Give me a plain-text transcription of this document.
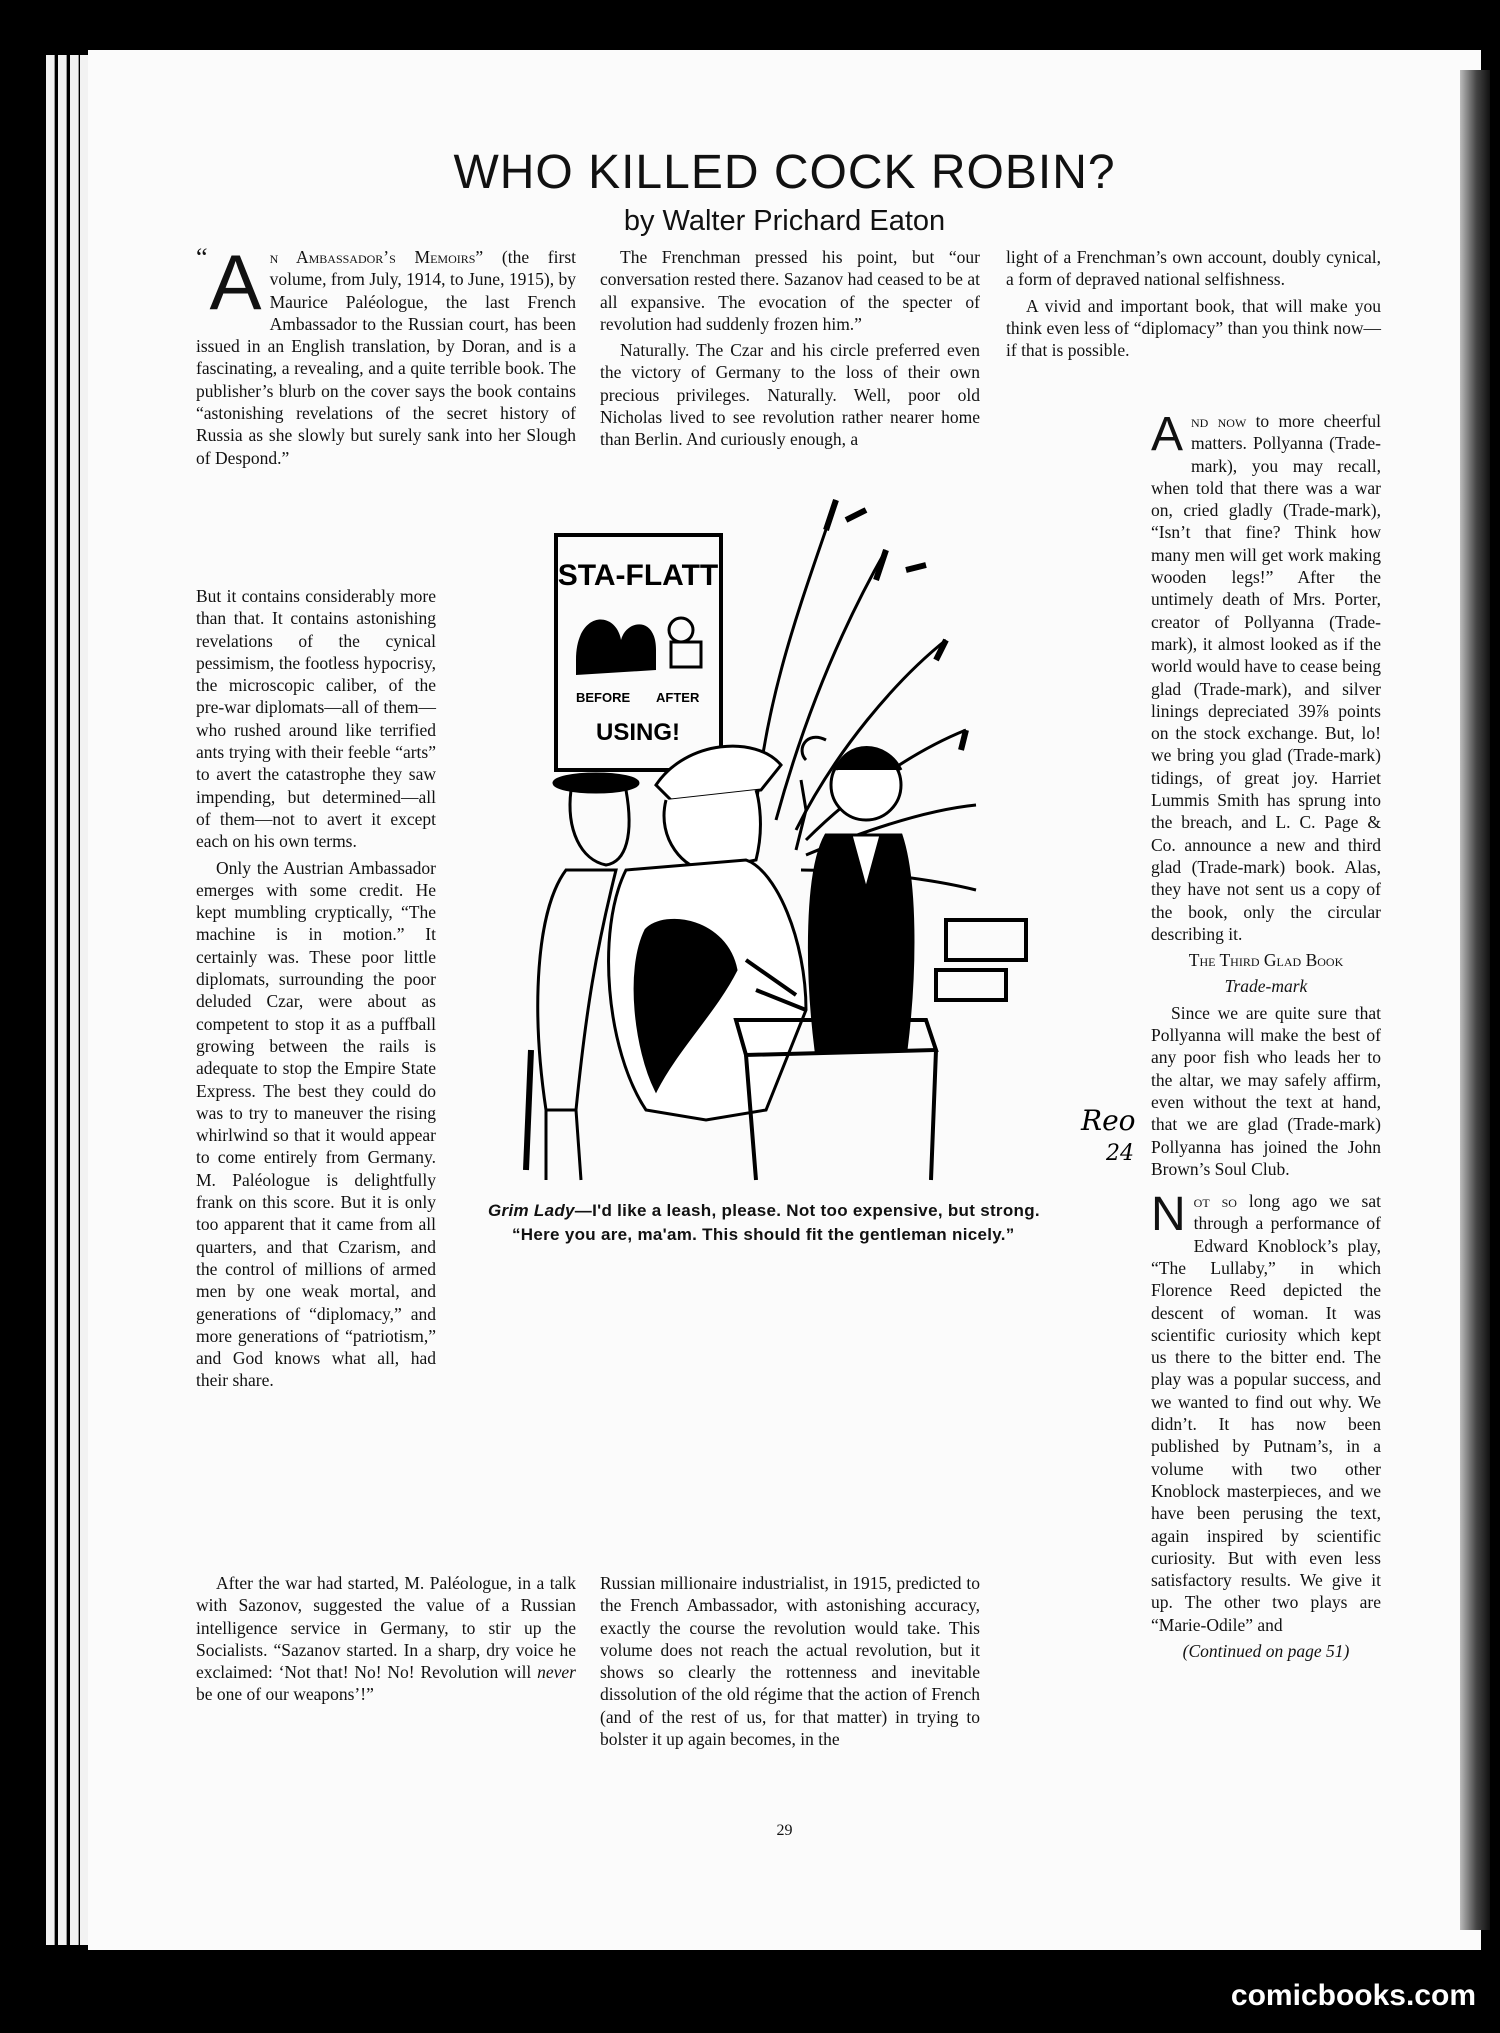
WHO KILLED COCK ROBIN?
by Walter Prichard Eaton

“ A n Ambassador’s Memoirs” (the first volume, from July, 1914, to June, 1915), by Maurice Paléologue, the last French Ambassador to the Russian court, has been issued in an English translation, by Doran, and is a fascinating, a revealing, and a quite terrible book. The publisher’s blurb on the cover says the book contains “astonishing revelations of the secret history of Russia as she slowly but surely sank into her Slough of Despond.”

But it contains considerably more than that. It contains astonishing revelations of the cynical pessimism, the footless hypocrisy, the microscopic caliber, of the pre-war diplomats—all of them—who rushed around like terrified ants trying with their feeble “arts” to avert the catastrophe they saw impending, but determined—all of them—not to avert it except each on his own terms.

Only the Austrian Ambassador emerges with some credit. He kept mumbling cryptically, “The machine is in motion.” It certainly was. These poor little diplomats, surrounding the poor deluded Czar, were about as competent to stop it as a puffball growing between the rails is adequate to stop the Empire State Express. The best they could do was to try to maneuver the rising whirlwind so that it would appear to come entirely from Germany. M. Paléologue is delightfully frank on this score. But it is only too apparent that it came from all quarters, and that Czarism, and the control of millions of armed men by one weak mortal, and generations of “diplomacy,” and more generations of “patriotism,” and God knows what all, had their share.

After the war had started, M. Paléologue, in a talk with Sazonov, suggested the value of a Russian intelligence service in Germany, to stir up the Socialists. “Sazanov started. In a sharp, dry voice he exclaimed: ‘Not that! No! No! Revolution will never be one of our weapons’!”

The Frenchman pressed his point, but “our conversation rested there. Sazanov had ceased to be at all expansive. The evocation of the specter of revolution had suddenly frozen him.”

Naturally. The Czar and his circle preferred even the victory of Germany to the loss of their own precious privileges. Naturally. Well, poor old Nicholas lived to see revolution rather nearer home than Berlin. And curiously enough, a

Russian millionaire industrialist, in 1915, predicted to the French Ambassador, with astonishing accuracy, exactly the course the revolution would take. This volume does not reach the actual revolution, but it shows so clearly the rottenness and inevitable dissolution of the old régime that the action of French (and of the rest of us, for that matter) in trying to bolster it up again becomes, in the

light of a Frenchman’s own account, doubly cynical, a form of depraved national selfishness.

A vivid and important book, that will make you think even less of “diplomacy” than you think now—if that is possible.

And now to more cheerful matters. Pollyanna (Trade-mark), you may recall, when told that there was a war on, cried gladly (Trade-mark), “Isn’t that fine? Think how many men will get work making wooden legs!” After the untimely death of Mrs. Porter, creator of Pollyanna (Trade-mark), it almost looked as if the world would have to cease being glad (Trade-mark), and silver linings depreciated 39⅞ points on the stock exchange. But, lo! we bring you glad (Trade-mark) tidings, of great joy. Harriet Lummis Smith has sprung into the breach, and L. C. Page & Co. announce a new and third glad (Trade-mark) book. Alas, they have not sent us a copy of the book, only the circular describing it.

The Third Glad Book

Trade-mark

Since we are quite sure that Pollyanna will make the best of any poor fish who leads her to the altar, we may safely affirm, even without the text at hand, that we are glad (Trade-mark) Pollyanna has joined the John Brown’s Soul Club.

Not so long ago we sat through a performance of Edward Knoblock’s play, “The Lullaby,” in which Florence Reed depicted the descent of woman. It was scientific curiosity which kept us there to the bitter end. The play was a popular success, and we wanted to find out why. We didn’t. It has now been published by Putnam’s, in a volume with two other Knoblock masterpieces, and we have been perusing the text, again inspired by scientific curiosity. But with even less satisfactory results. We give it up. The other two plays are “Marie-Odile” and

(Continued on page 51)

STA-FLATT
BEFORE AFTER
USING!
Reo
24

Grim Lady—I'd like a leash, please. Not too expensive, but strong.

“Here you are, ma'am. This should fit the gentleman nicely.”

29
comicbooks.com
